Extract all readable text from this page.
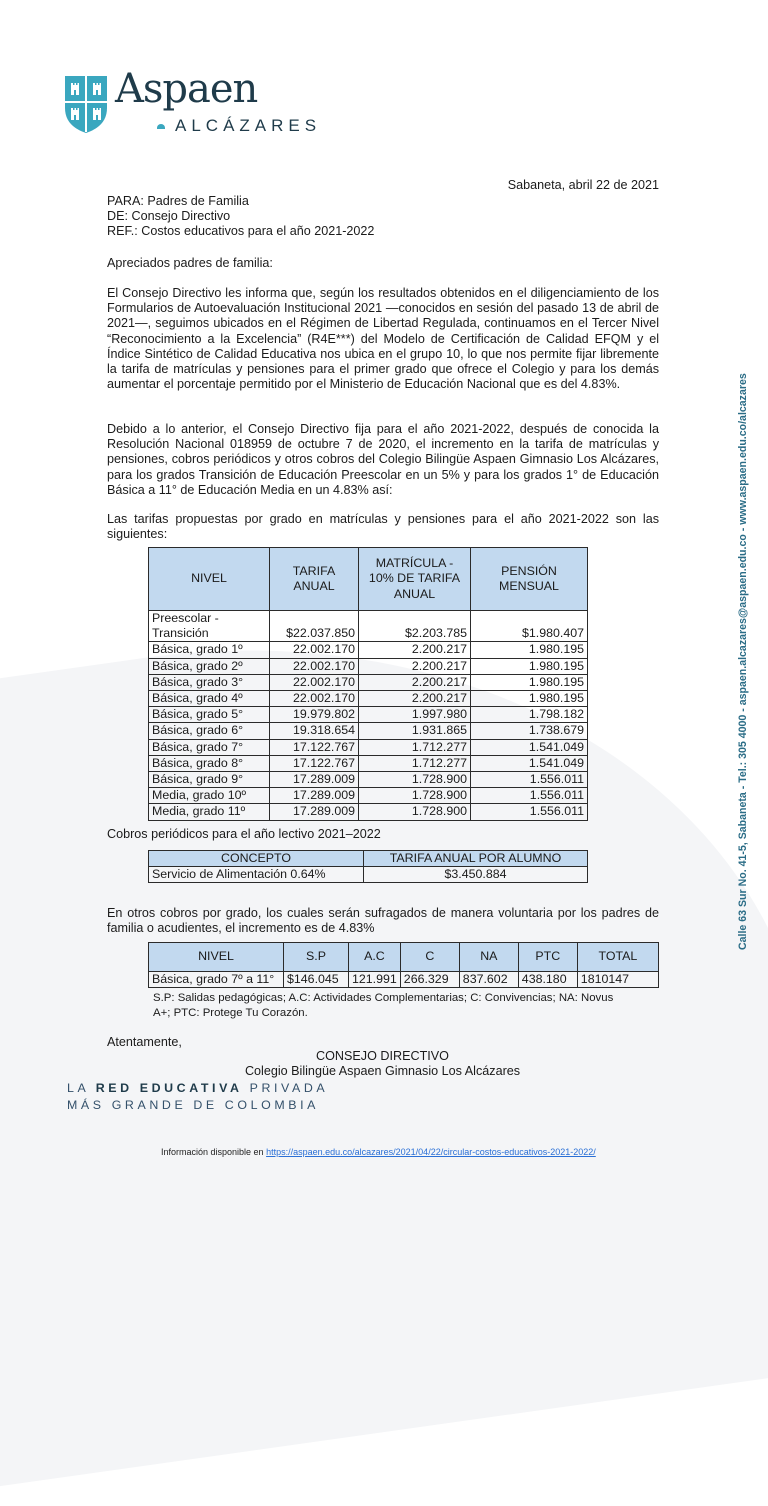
Aspaen
ALCÁZARES
Sabaneta, abril 22 de 2021
PARA: Padres de Familia
DE: Consejo Directivo
REF.: Costos educativos para el año 2021-2022
Apreciados padres de familia:
El Consejo Directivo les informa que, según los resultados obtenidos en el diligenciamiento de los Formularios de Autoevaluación Institucional 2021 —conocidos en sesión del pasado 13 de abril de 2021—, seguimos ubicados en el Régimen de Libertad Regulada, continuamos en el Tercer Nivel “Reconocimiento a la Excelencia” (R4E***) del Modelo de Certificación de Calidad EFQM y el Índice Sintético de Calidad Educativa nos ubica en el grupo 10, lo que nos permite fijar libremente la tarifa de matrículas y pensiones para el primer grado que ofrece el Colegio y para los demás aumentar el porcentaje permitido por el Ministerio de Educación Nacional que es del 4.83%.
Debido a lo anterior, el Consejo Directivo fija para el año 2021-2022, después de conocida la Resolución Nacional 018959 de octubre 7 de 2020, el incremento en la tarifa de matrículas y pensiones, cobros periódicos y otros cobros del Colegio Bilingüe Aspaen Gimnasio Los Alcázares, para los grados Transición de Educación Preescolar en un 5% y para los grados 1° de Educación Básica a 11° de Educación Media en un 4.83% así:
Las tarifas propuestas por grado en matrículas y pensiones para el año 2021-2022 son las siguientes:
NIVEL	TARIFA ANUAL	MATRÍCULA - 10% DE TARIFA ANUAL	PENSIÓN MENSUAL
Preescolar - Transición	$22.037.850	$2.203.785	$1.980.407
Básica, grado 1º	22.002.170	2.200.217	1.980.195
Básica, grado 2º	22.002.170	2.200.217	1.980.195
Básica, grado 3°	22.002.170	2.200.217	1.980.195
Básica, grado 4º	22.002.170	2.200.217	1.980.195
Básica, grado 5°	19.979.802	1.997.980	1.798.182
Básica, grado 6°	19.318.654	1.931.865	1.738.679
Básica, grado 7°	17.122.767	1.712.277	1.541.049
Básica, grado 8°	17.122.767	1.712.277	1.541.049
Básica, grado 9°	17.289.009	1.728.900	1.556.011
Media, grado 10º	17.289.009	1.728.900	1.556.011
Media, grado 11º	17.289.009	1.728.900	1.556.011
Cobros periódicos para el año lectivo 2021–2022
CONCEPTO	TARIFA ANUAL POR ALUMNO
Servicio de Alimentación 0.64%	$3.450.884
En otros cobros por grado, los cuales serán sufragados de manera voluntaria por los padres de familia o acudientes, el incremento es de 4.83%
NIVEL	S.P	A.C	C	NA	PTC	TOTAL
Básica, grado 7º a 11°	$146.045	121.991	266.329	837.602	438.180	1810147
S.P: Salidas pedagógicas; A.C: Actividades Complementarias; C: Convivencias; NA: Novus A+; PTC: Protege Tu Corazón.
Atentamente,
CONSEJO DIRECTIVO
Colegio Bilingüe Aspaen Gimnasio Los Alcázares
LA RED EDUCATIVA PRIVADA
MÁS GRANDE DE COLOMBIA
Información disponible en https://aspaen.edu.co/alcazares/2021/04/22/circular-costos-educativos-2021-2022/
Calle 63 Sur No. 41-5, Sabaneta - Tel.: 305 4000 - aspaen.alcazares@aspaen.edu.co - www.aspaen.edu.co/alcazares
